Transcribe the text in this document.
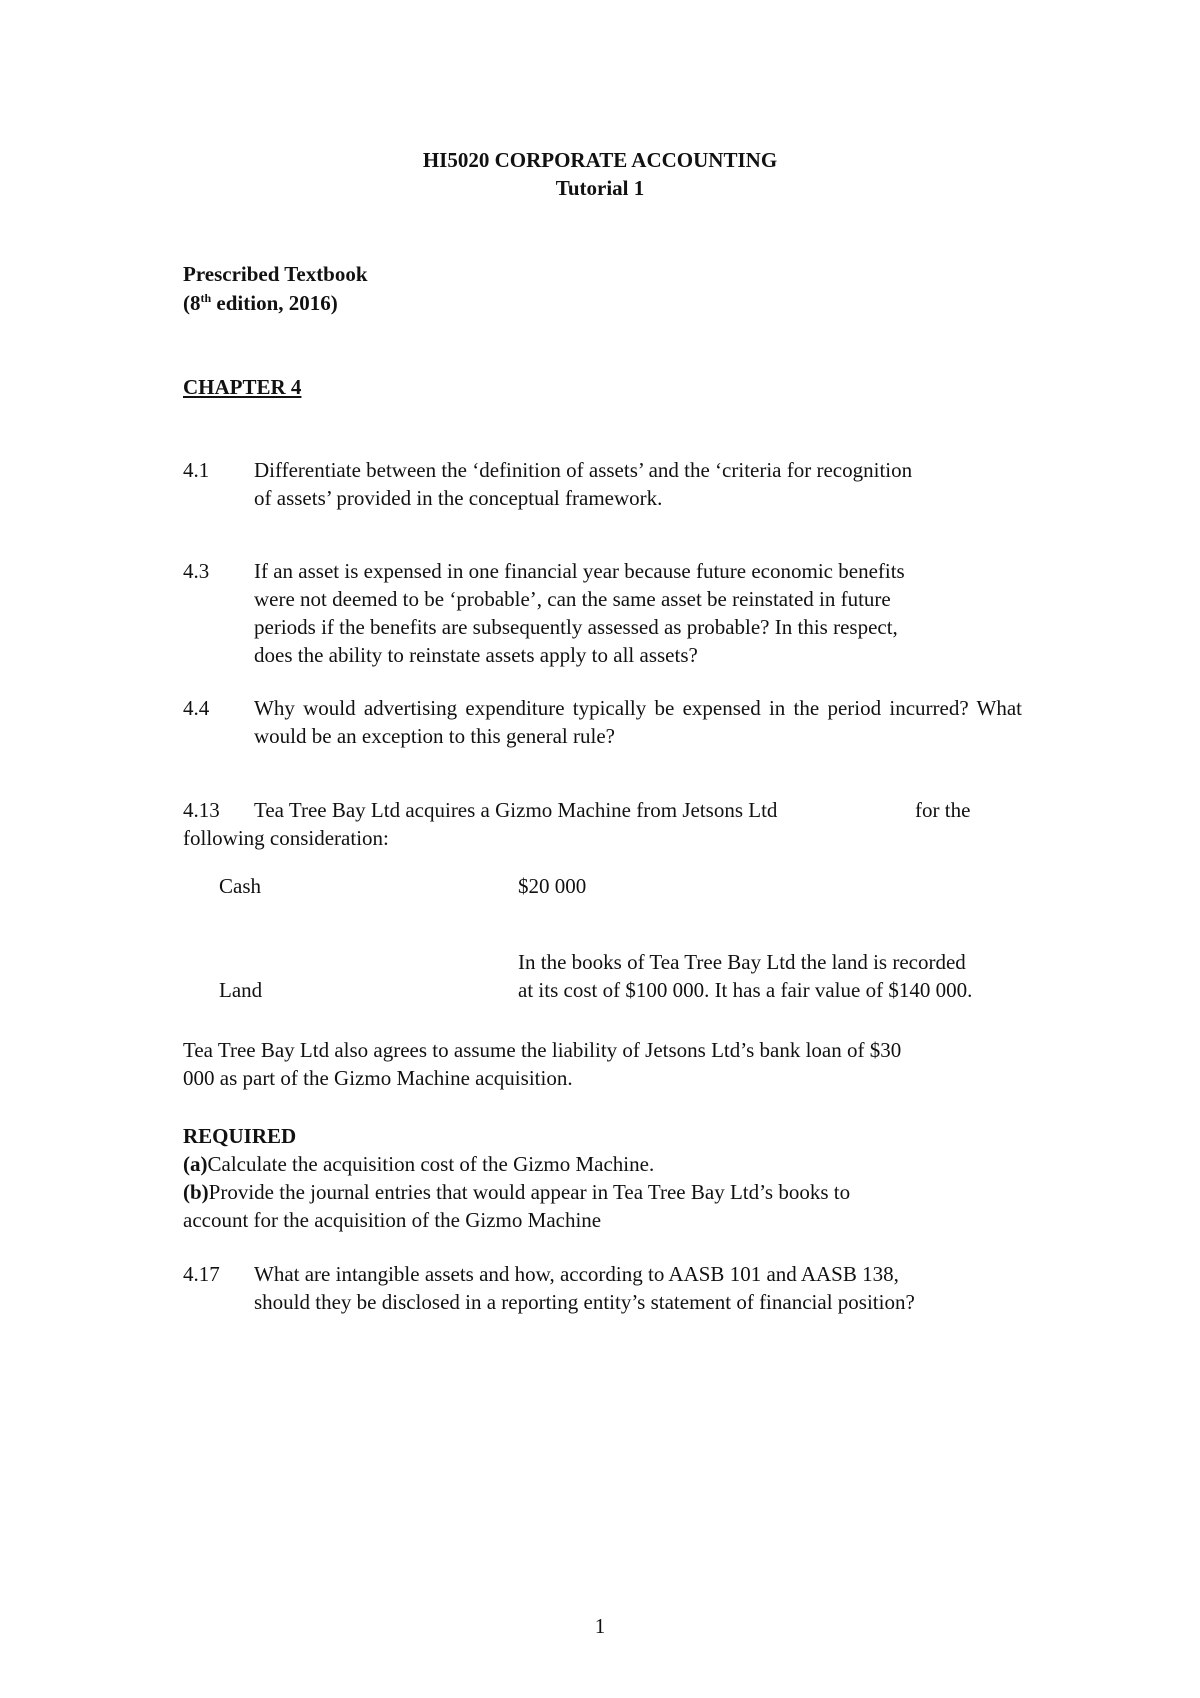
HI5020 CORPORATE ACCOUNTING
Tutorial 1
Prescribed Textbook
(8th edition, 2016)
CHAPTER 4
4.1 Differentiate between the ‘definition of assets’ and the ‘criteria for recognition
of assets’ provided in the conceptual framework.
4.3 If an asset is expensed in one financial year because future economic benefits
were not deemed to be ‘probable’, can the same asset be reinstated in future
periods if the benefits are subsequently assessed as probable? In this respect,
does the ability to reinstate assets apply to all assets?
4.4 Why would advertising expenditure typically be expensed in the period incurred? What would be an exception to this general rule?
4.13 Tea Tree Bay Ltd acquires a Gizmo Machine from Jetsons Ltd	for the
following consideration:
Cash	$20 000
In the books of Tea Tree Bay Ltd the land is recorded
Land	at its cost of $100 000. It has a fair value of $140 000.
Tea Tree Bay Ltd also agrees to assume the liability of Jetsons Ltd’s bank loan of $30
000 as part of the Gizmo Machine acquisition.
REQUIRED
(a)Calculate the acquisition cost of the Gizmo Machine.
(b)Provide the journal entries that would appear in Tea Tree Bay Ltd’s books to
account for the acquisition of the Gizmo Machine
4.17 What are intangible assets and how, according to AASB 101 and AASB 138,
should they be disclosed in a reporting entity’s statement of financial position?
1
